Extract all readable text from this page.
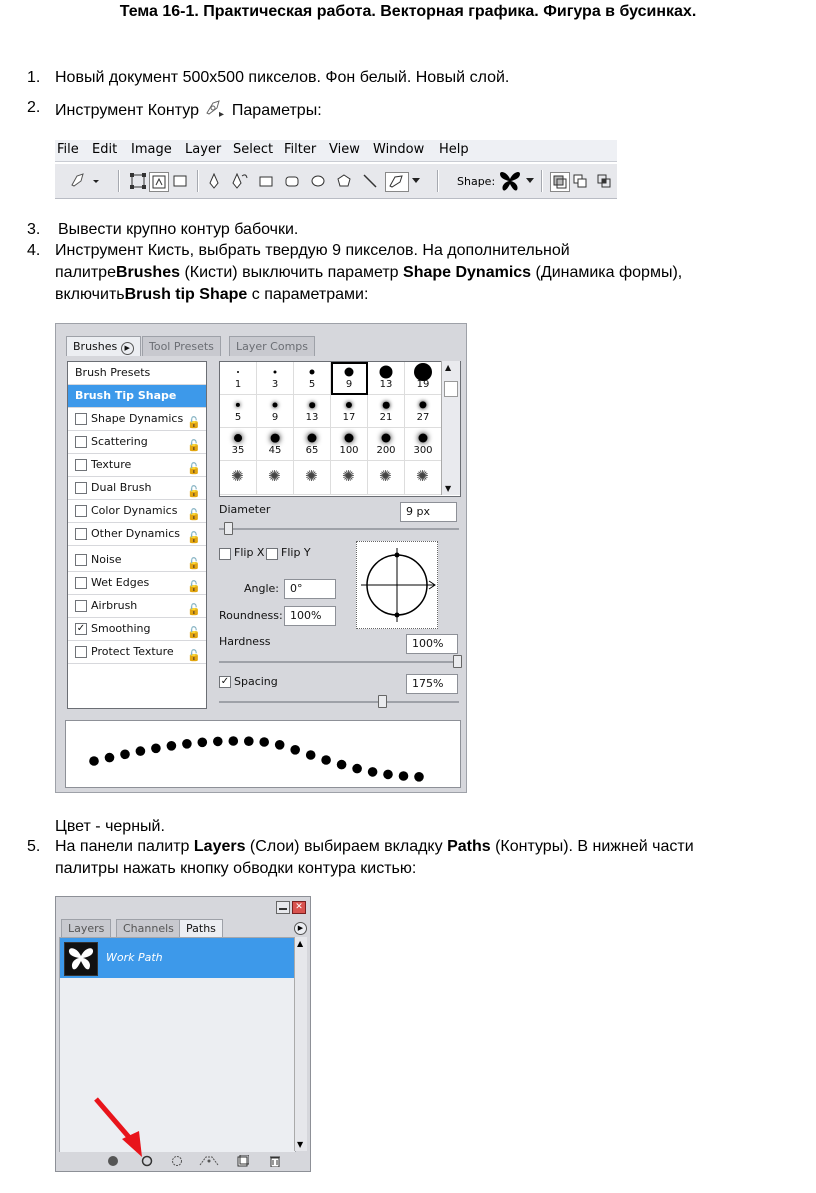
Тема 16-1. Практическая работа. Векторная графика. Фигура в бусинках.
1. Новый документ 500х500 пикселов. Фон белый. Новый слой.
2. Инструмент Контур ▸ Параметры:
File Edit Image Layer Select Filter View Window Help
Shape:
3. Вывести крупно контур бабочки.
4. Инструмент Кисть, выбрать твердую 9 пикселов. На дополнительной
палитреBrushes (Кисти) выключить параметр Shape Dynamics (Динамика формы),
включитьBrush tip Shape с параметрами:
Brushes ▶	Tool Presets	Layer Comps
Brush Presets
Brush Tip Shape
Shape Dynamics 🔓
Scattering	🔓
Texture	🔓
Dual Brush	🔓
Color Dynamics 🔓
Other Dynamics 🔓
Noise	🔓
Wet Edges	🔓
Airbrush	🔓
✓ Smoothing	🔓
Protect Texture 🔓
1	3	5	9	13	19
5	9	13	17	21	27
35	45	65	100	200	300
✺ ✺ ✺ ✺ ✺ ✺
▲
▼
Diameter	9 px
Flip X Flip Y
Angle: 0°
Roundness: 100%
Hardness	100%
✓ Spacing	175%
Цвет - черный.
5. На панели палитр Layers (Слои) выбираем вкладку Paths (Контуры). В нижней части
палитры нажать кнопку обводки контура кистью:
✕
Layers	Channels	Paths	▶
Work Path
▲
▼
